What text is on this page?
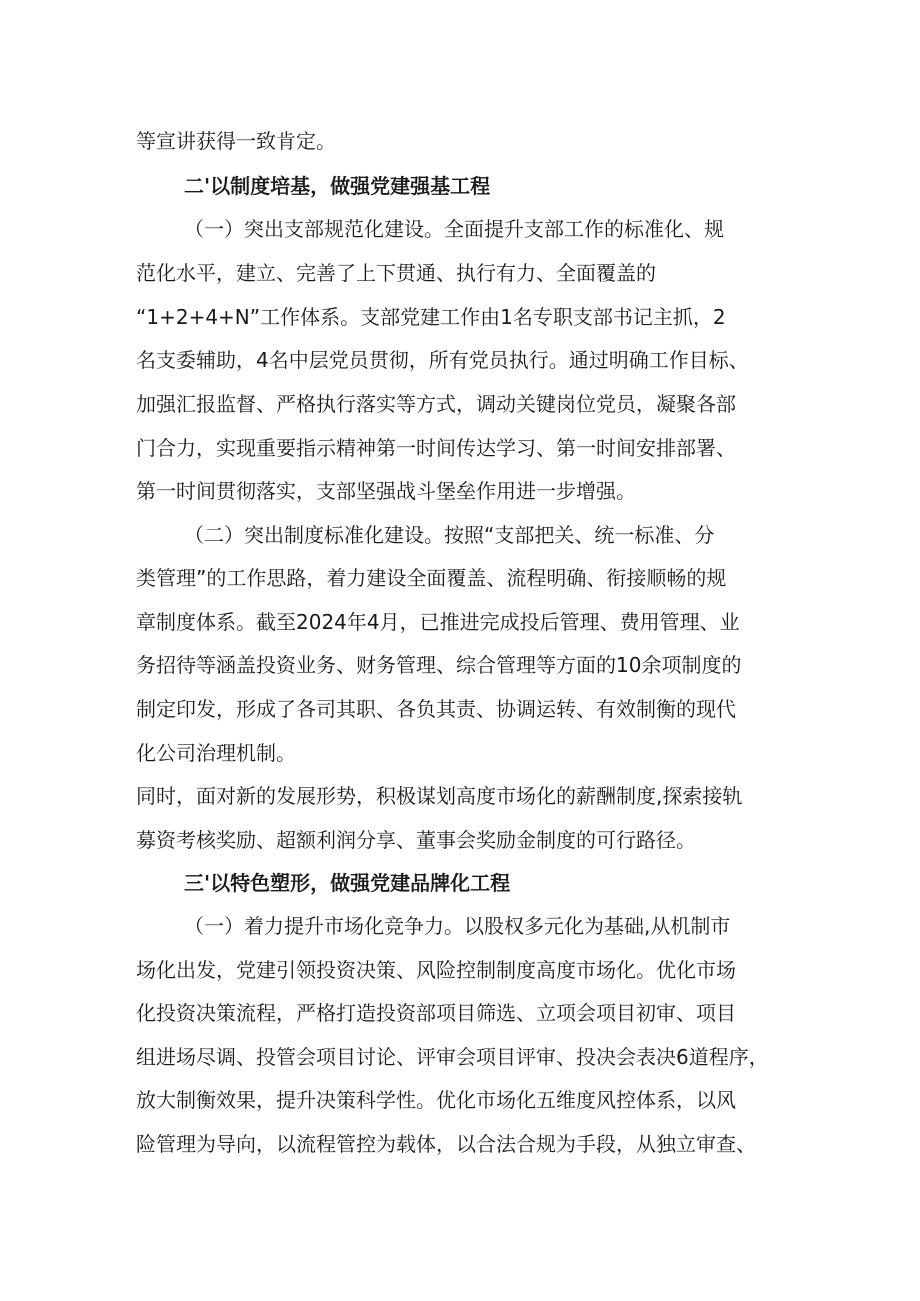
等宣讲获得一致肯定。
二'以制度培基，做强党建强基工程
（一）突出支部规范化建设。全面提升支部工作的标准化、规
范化水平，建立、完善了上下贯通、执行有力、全面覆盖的
“1+2+4+N”工作体系。支部党建工作由1名专职支部书记主抓，2
名支委辅助，4名中层党员贯彻，所有党员执行。通过明确工作目标、
加强汇报监督、严格执行落实等方式，调动关键岗位党员，凝聚各部
门合力，实现重要指示精神第一时间传达学习、第一时间安排部署、
第一时间贯彻落实，支部坚强战斗堡垒作用进一步增强。
（二）突出制度标准化建设。按照“支部把关、统一标准、分
类管理”的工作思路，着力建设全面覆盖、流程明确、衔接顺畅的规
章制度体系。截至2024年4月，已推进完成投后管理、费用管理、业
务招待等涵盖投资业务、财务管理、综合管理等方面的10余项制度的
制定印发，形成了各司其职、各负其责、协调运转、有效制衡的现代
化公司治理机制。
同时，面对新的发展形势，积极谋划高度市场化的薪酬制度,探索接轨
募资考核奖励、超额利润分享、董事会奖励金制度的可行路径。
三'以特色塑形，做强党建品牌化工程
（一）着力提升市场化竞争力。以股权多元化为基础,从机制市
场化出发，党建引领投资决策、风险控制制度高度市场化。优化市场
化投资决策流程，严格打造投资部项目筛选、立项会项目初审、项目
组进场尽调、投管会项目讨论、评审会项目评审、投决会表决6道程序，
放大制衡效果，提升决策科学性。优化市场化五维度风控体系，以风
险管理为导向，以流程管控为载体，以合法合规为手段，从独立审查、
